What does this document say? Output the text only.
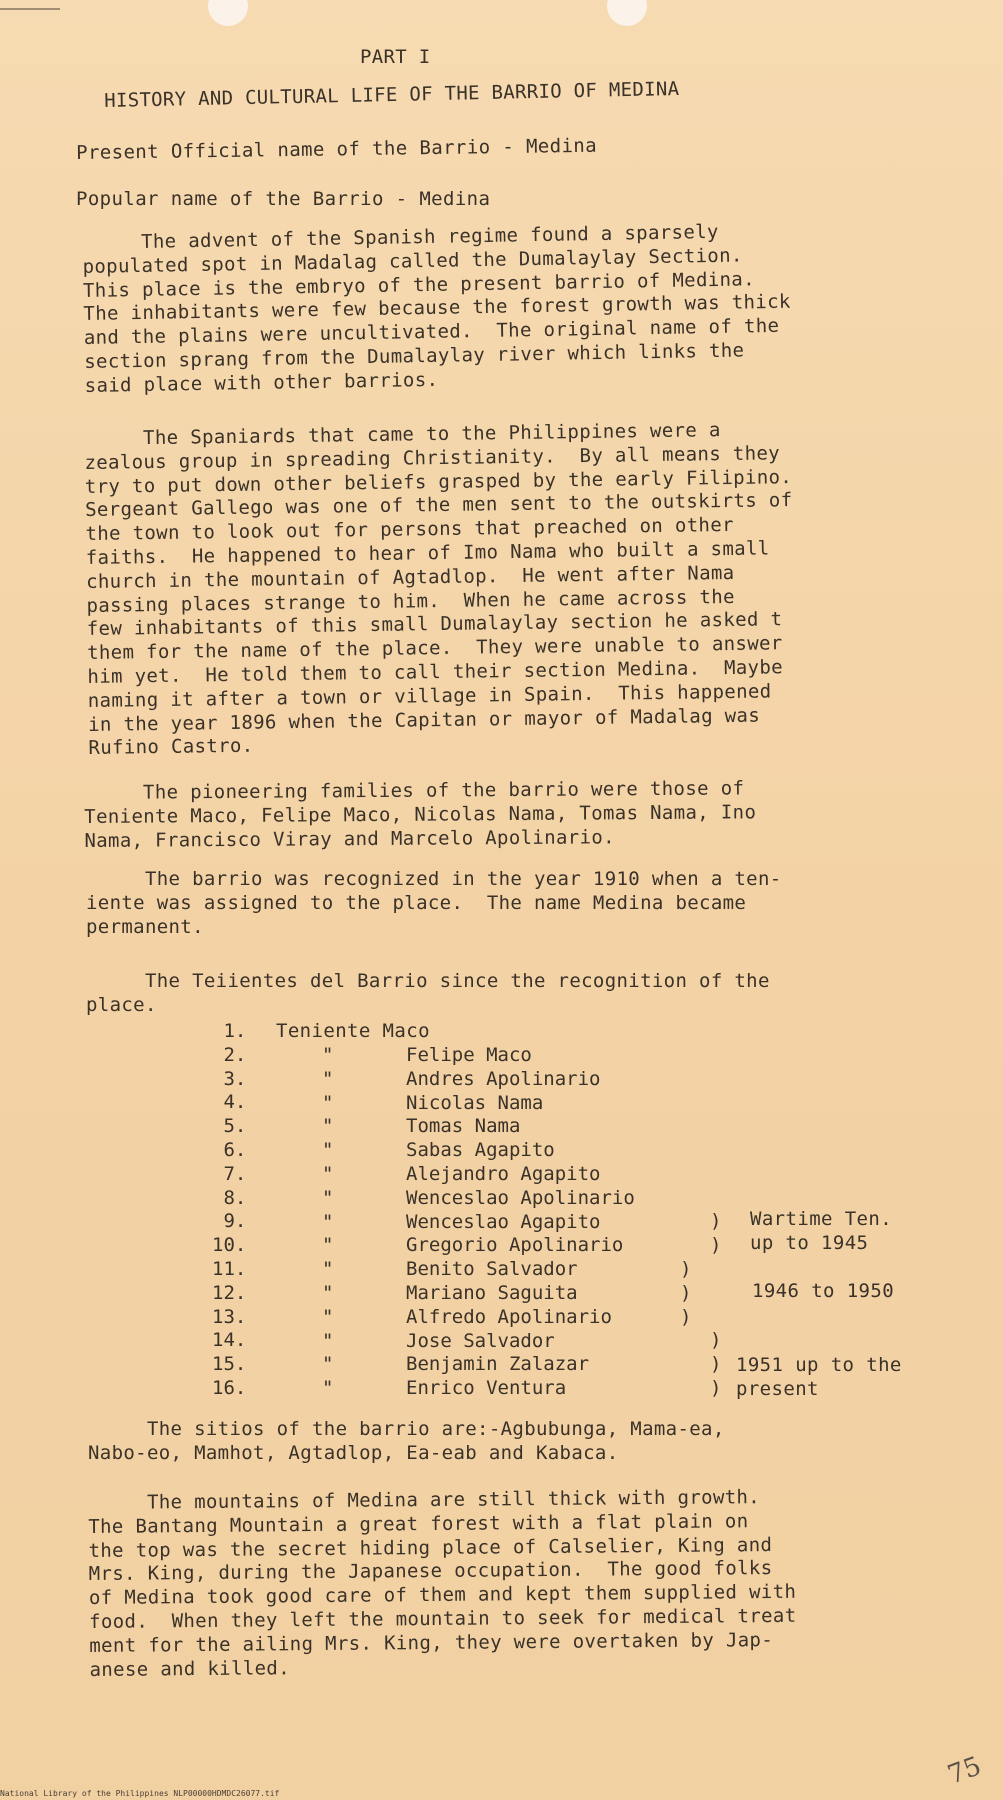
PART I
HISTORY AND CULTURAL LIFE OF THE BARRIO OF MEDINA
Present Official name of the Barrio - Medina
Popular name of the Barrio - Medina
The advent of the Spanish regime found a sparsely
populated spot in Madalag called the Dumalaylay Section.
This place is the embryo of the present barrio of Medina.
The inhabitants were few because the forest growth was thick
and the plains were uncultivated.  The original name of the
section sprang from the Dumalaylay river which links the
said place with other barrios.
The Spaniards that came to the Philippines were a
zealous group in spreading Christianity.  By all means they
try to put down other beliefs grasped by the early Filipino.
Sergeant Gallego was one of the men sent to the outskirts of
the town to look out for persons that preached on other
faiths.  He happened to hear of Imo Nama who built a small
church in the mountain of Agtadlop.  He went after Nama
passing places strange to him.  When he came across the
few inhabitants of this small Dumalaylay section he asked t
them for the name of the place.  They were unable to answer
him yet.  He told them to call their section Medina.  Maybe
naming it after a town or village in Spain.  This happened
in the year 1896 when the Capitan or mayor of Madalag was
Rufino Castro.
The pioneering families of the barrio were those of
Teniente Maco, Felipe Maco, Nicolas Nama, Tomas Nama, Ino
Nama, Francisco Viray and Marcelo Apolinario.
The barrio was recognized in the year 1910 when a ten-
iente was assigned to the place.  The name Medina became
permanent.
The Teiientes del Barrio since the recognition of the
place.
1.
2.
3.
4.
5.
6.
7.
8.
9.
10.
11.
12.
13.
14.
15.
16.
Teniente Maco
"
"
"
"
"
"
"
"
"
"
"
"
"
"
"
Felipe Maco
Andres Apolinario
Nicolas Nama
Tomas Nama
Sabas Agapito
Alejandro Agapito
Wenceslao Apolinario
Wenceslao Agapito
Gregorio Apolinario
Benito Salvador
Mariano Saguita
Alfredo Apolinario
Jose Salvador
Benjamin Zalazar
Enrico Ventura
)
)

)
)
)
)
)
)
Wartime Ten.
up to 1945
1946 to 1950
1951 up to the
present
The sitios of the barrio are:-Agbubunga, Mama-ea,
Nabo-eo, Mamhot, Agtadlop, Ea-eab and Kabaca.
The mountains of Medina are still thick with growth.
The Bantang Mountain a great forest with a flat plain on
the top was the secret hiding place of Calselier, King and
Mrs. King, during the Japanese occupation.  The good folks
of Medina took good care of them and kept them supplied with
food.  When they left the mountain to seek for medical treat
ment for the ailing Mrs. King, they were overtaken by Jap-
anese and killed.
75
National Library of the Philippines NLP00000HDMDC26077.tif
